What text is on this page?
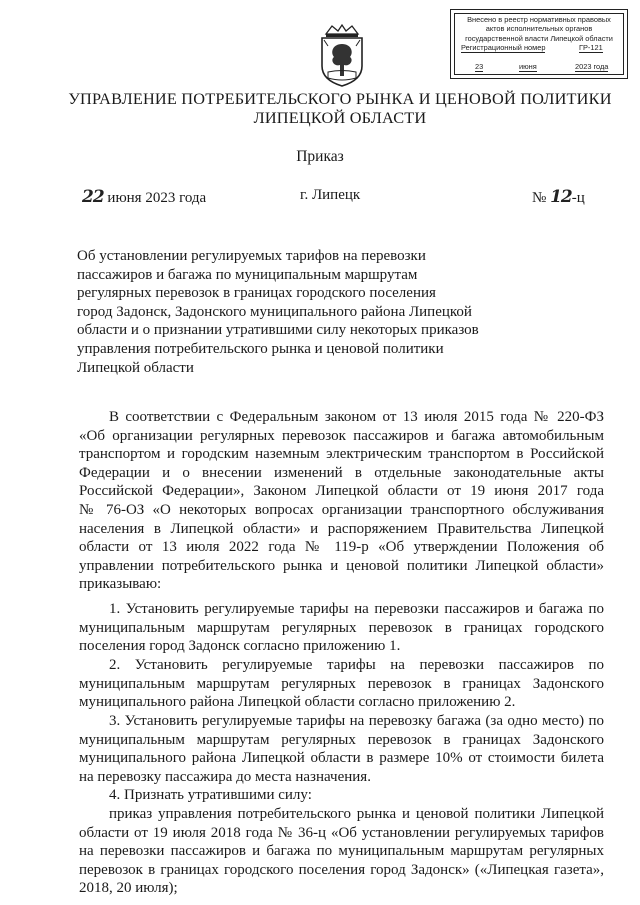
Внесено в реестр нормативных правовых
актов исполнительных органов
государственной власти Липецкой области
Регистрационный номер	ГР-121
23	июня	2023 года
УПРАВЛЕНИЕ ПОТРЕБИТЕЛЬСКОГО РЫНКА И ЦЕНОВОЙ ПОЛИТИКИ
ЛИПЕЦКОЙ ОБЛАСТИ
Приказ
22 июня 2023 года	г. Липецк	№ 12-ц
Об установлении регулируемых тарифов на перевозки
пассажиров и багажа по муниципальным маршрутам
регулярных перевозок в границах городского поселения
город Задонск, Задонского муниципального района Липецкой
области и о признании утратившими силу некоторых приказов
управления потребительского рынка и ценовой политики
Липецкой области
В соответствии с Федеральным законом от 13 июля 2015 года № 220-ФЗ
«Об организации регулярных перевозок пассажиров и багажа автомобильным
транспортом и городским наземным электрическим транспортом в Российской
Федерации и о внесении изменений в отдельные законодательные акты
Российской Федерации», Законом Липецкой области от 19 июня 2017 года
№ 76-ОЗ «О некоторых вопросах организации транспортного обслуживания
населения в Липецкой области» и распоряжением Правительства Липецкой
области от 13 июля 2022 года № 119-р «Об утверждении Положения об
управлении потребительского рынка и ценовой политики Липецкой области»
приказываю:
1. Установить регулируемые тарифы на перевозки пассажиров и багажа по
муниципальным маршрутам регулярных перевозок в границах городского
поселения город Задонск согласно приложению 1.
2. Установить регулируемые тарифы на перевозки пассажиров по
муниципальным маршрутам регулярных перевозок в границах Задонского
муниципального района Липецкой области согласно приложению 2.
3. Установить регулируемые тарифы на перевозку багажа (за одно место) по
муниципальным маршрутам регулярных перевозок в границах Задонского
муниципального района Липецкой области в размере 10% от стоимости билета
на перевозку пассажира до места назначения.
4. Признать утратившими силу:
приказ управления потребительского рынка и ценовой политики Липецкой
области от 19 июля 2018 года № 36-ц «Об установлении регулируемых тарифов
на перевозки пассажиров и багажа по муниципальным маршрутам регулярных
перевозок в границах городского поселения город Задонск» («Липецкая газета»,
2018, 20 июля);
